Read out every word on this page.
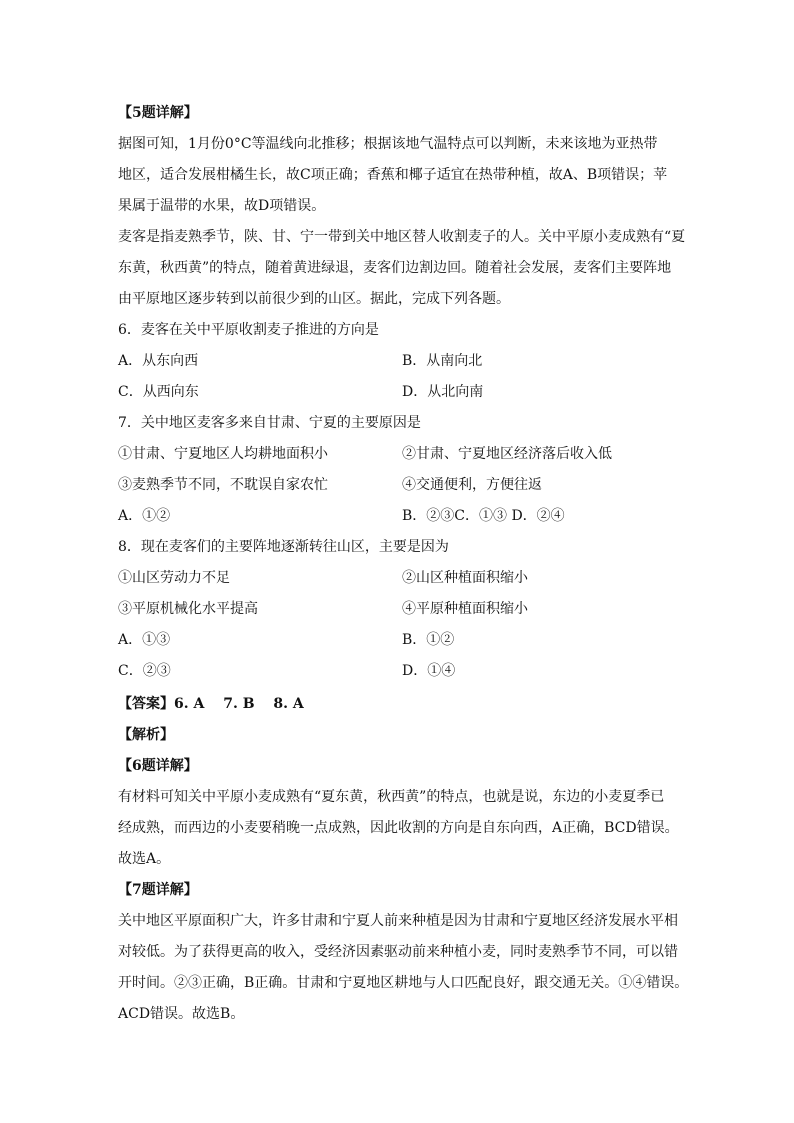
【5题详解】
据图可知，1月份0°C等温线向北推移；根据该地气温特点可以判断，未来该地为亚热带
地区，适合发展柑橘生长，故C项正确；香蕉和椰子适宜在热带种植，故A、B项错误；苹
果属于温带的水果，故D项错误。
麦客是指麦熟季节，陕、甘、宁一带到关中地区替人收割麦子的人。关中平原小麦成熟有“夏
东黄，秋西黄”的特点，随着黄进绿退，麦客们边割边回。随着社会发展，麦客们主要阵地
由平原地区逐步转到以前很少到的山区。据此，完成下列各题。
6．麦客在关中平原收割麦子推进的方向是
A．从东向西	B．从南向北
C．从西向东	D．从北向南
7．关中地区麦客多来自甘肃、宁夏的主要原因是
①甘肃、宁夏地区人均耕地面积小	②甘肃、宁夏地区经济落后收入低
③麦熟季节不同，不耽误自家农忙	④交通便利，方便往返
A．①②	B．②③C．①③ D．②④
8．现在麦客们的主要阵地逐渐转往山区，主要是因为
①山区劳动力不足	②山区种植面积缩小
③平原机械化水平提高	④平原种植面积缩小
A．①③	B．①②
C．②③	D．①④
【答案】6. A　 7. B　 8. A
【解析】
【6题详解】
有材料可知关中平原小麦成熟有“夏东黄，秋西黄”的特点，也就是说，东边的小麦夏季已
经成熟，而西边的小麦要稍晚一点成熟，因此收割的方向是自东向西，A正确，BCD错误。
故选A。
【7题详解】
关中地区平原面积广大，许多甘肃和宁夏人前来种植是因为甘肃和宁夏地区经济发展水平相
对较低。为了获得更高的收入，受经济因素驱动前来种植小麦，同时麦熟季节不同，可以错
开时间。②③正确，B正确。甘肃和宁夏地区耕地与人口匹配良好，跟交通无关。①④错误。
ACD错误。故选B。
